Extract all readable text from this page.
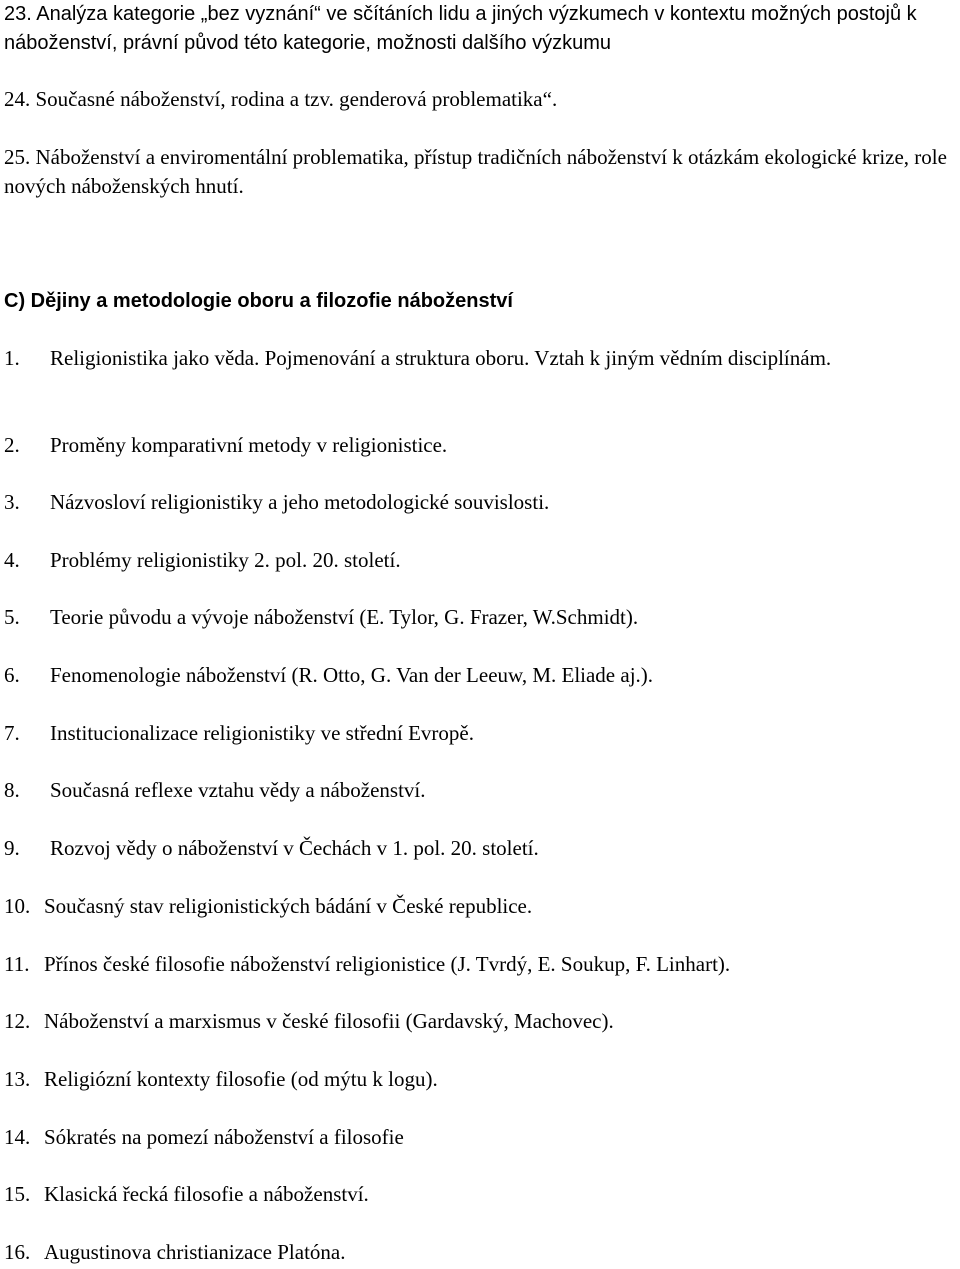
23. Analýza kategorie „bez vyznání“ ve sčítáních lidu a jiných výzkumech v kontextu možných postojů k náboženství, právní původ této kategorie, možnosti dalšího výzkumu
24. Současné náboženství, rodina a tzv. genderová problematika“.
25. Náboženství a enviromentální problematika, přístup tradičních náboženství k otázkám ekologické krize, role nových náboženských hnutí.
C) Dějiny a metodologie oboru a filozofie náboženství
1. Religionistika jako věda. Pojmenování a struktura oboru. Vztah k jiným vědním disciplínám.
2. Proměny komparativní metody v religionistice.
3. Názvosloví religionistiky a jeho metodologické souvislosti.
4. Problémy religionistiky 2. pol. 20. století.
5. Teorie původu a vývoje náboženství (E. Tylor, G. Frazer, W.Schmidt).
6. Fenomenologie náboženství (R. Otto, G. Van der Leeuw, M. Eliade aj.).
7. Institucionalizace religionistiky ve střední Evropě.
8. Současná reflexe vztahu vědy a náboženství.
9. Rozvoj vědy o náboženství v Čechách v 1. pol. 20. století.
10. Současný stav religionistických bádání v České republice.
11. Přínos české filosofie náboženství religionistice (J. Tvrdý, E. Soukup, F. Linhart).
12. Náboženství a marxismus v české filosofii (Gardavský, Machovec).
13. Religiózní kontexty filosofie (od mýtu k logu).
14. Sókratés na pomezí náboženství a filosofie
15. Klasická řecká filosofie a náboženství.
16. Augustinova christianizace Platóna.
